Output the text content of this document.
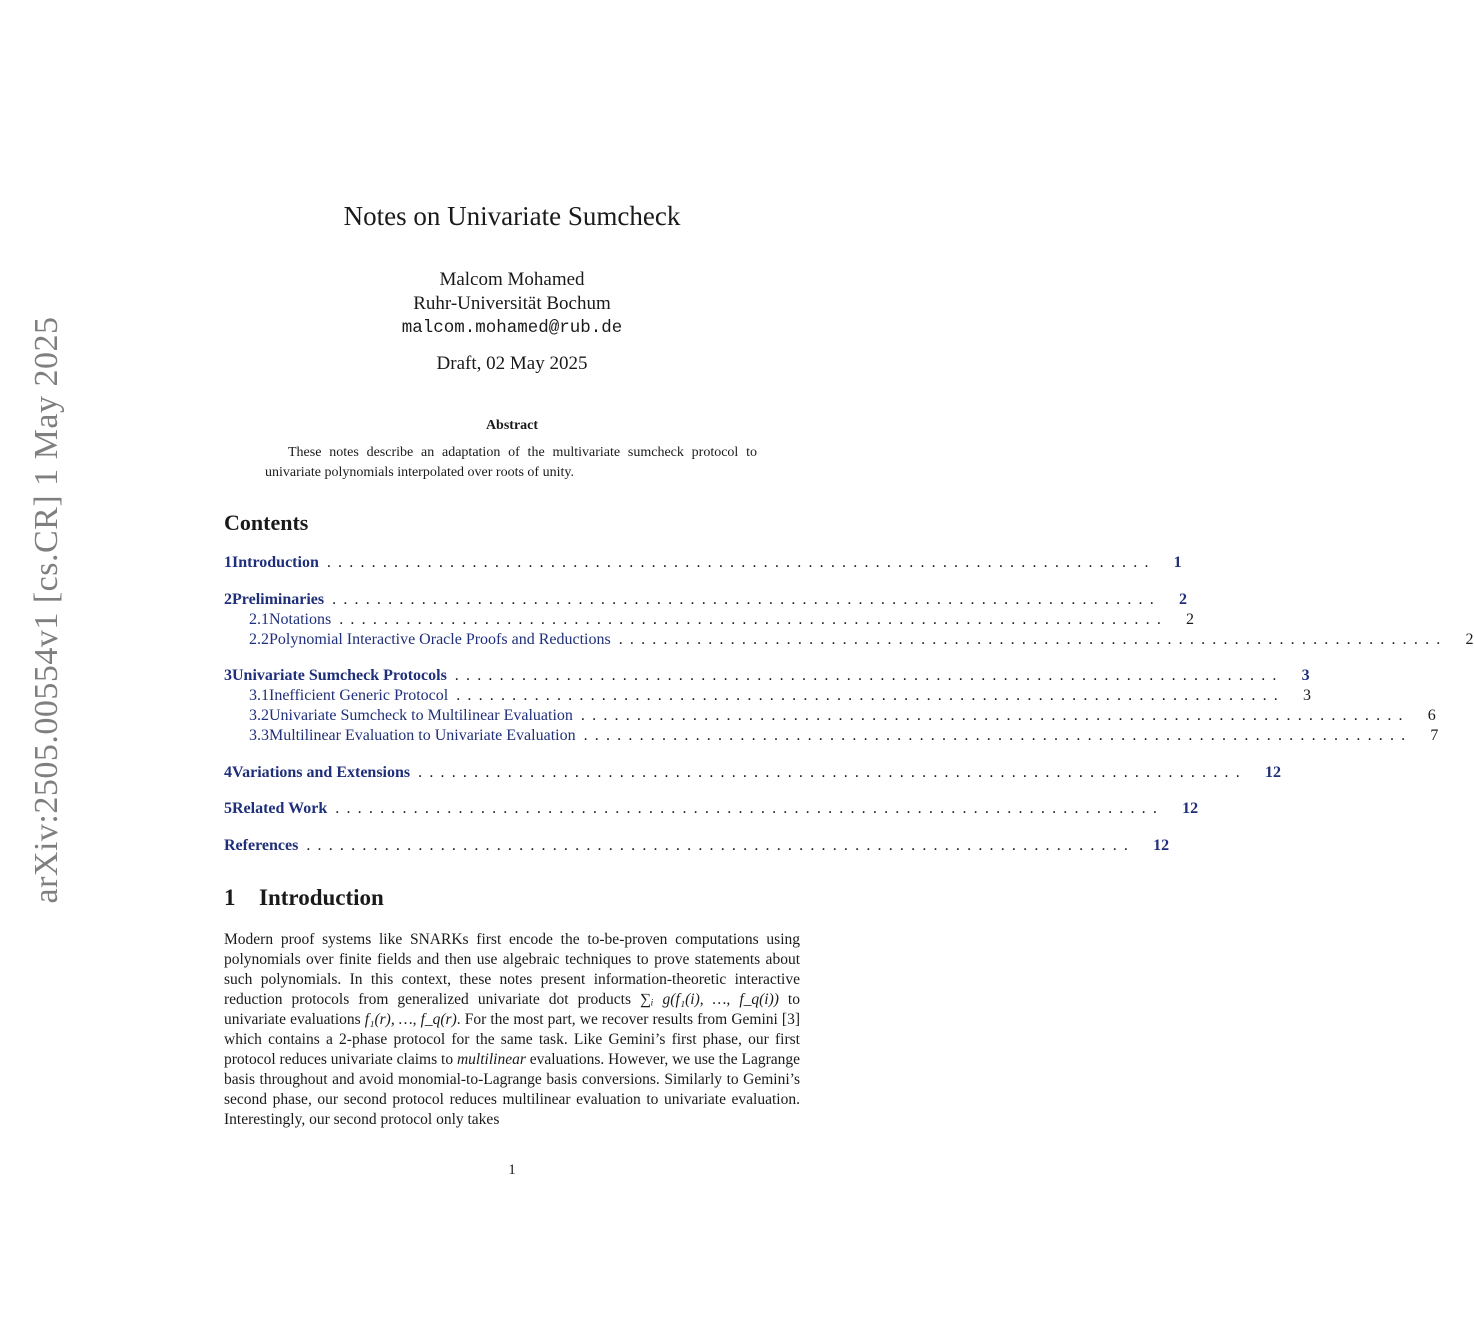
arXiv:2505.00554v1 [cs.CR] 1 May 2025
Notes on Univariate Sumcheck
Malcom Mohamed
Ruhr-Universität Bochum
malcom.mohamed@rub.de
Draft, 02 May 2025
Abstract
These notes describe an adaptation of the multivariate sumcheck protocol to univariate polynomials interpolated over roots of unity.
Contents
1 Introduction .......................................................................... 1
2 Preliminaries .......................................................................... 2
2.1 Notations .......................................................................... 2
2.2 Polynomial Interactive Oracle Proofs and Reductions .......................................................................... 2
3 Univariate Sumcheck Protocols .......................................................................... 3
3.1 Inefficient Generic Protocol .......................................................................... 3
3.2 Univariate Sumcheck to Multilinear Evaluation .......................................................................... 6
3.3 Multilinear Evaluation to Univariate Evaluation .......................................................................... 7
4 Variations and Extensions .......................................................................... 12
5 Related Work .......................................................................... 12
References .......................................................................... 12
1 Introduction

Modern proof systems like SNARKs first encode the to-be-proven computations using polynomials over finite fields and then use algebraic techniques to prove statements about such polynomials. In this context, these notes present information-theoretic interactive reduction protocols from generalized univariate dot products ∑ᵢ g(f₁(i), …, f_q(i)) to univariate evaluations f₁(r), …, f_q(r). For the most part, we recover results from Gemini [3] which contains a 2-phase protocol for the same task. Like Gemini’s first phase, our first protocol reduces univariate claims to multilinear evaluations. However, we use the Lagrange basis throughout and avoid monomial-to-Lagrange basis conversions. Similarly to Gemini’s second phase, our second protocol reduces multilinear evaluation to univariate evaluation. Interestingly, our second protocol only takes

1
